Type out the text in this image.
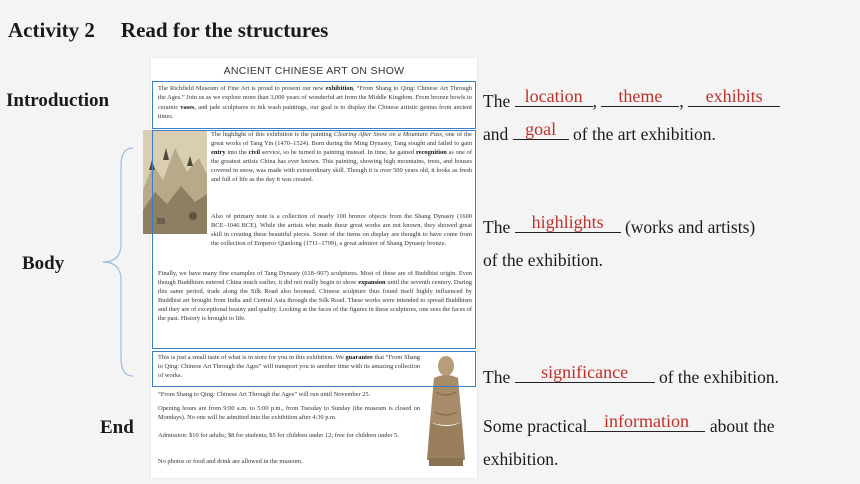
Activity 2 Read for the structures
ANCIENT CHINESE ART ON SHOW
The Richfield Museum of Fine Art is proud to present our new exhibition, “From Shang to Qing: Chinese Art Through the Ages.” Join us as we explore more than 3,000 years of wonderful art from the Middle Kingdom. From bronze bowls to ceramic vases, and jade sculptures to ink wash paintings, our goal is to display the Chinese artistic genius from ancient times.
The highlight of this exhibition is the painting Clearing After Snow on a Mountain Pass, one of the great works of Tang Yin (1470–1524). Born during the Ming Dynasty, Tang sought and failed to gain entry into the civil service, so he turned to painting instead. In time, he gained recognition as one of the greatest artists China has ever known. This painting, showing high mountains, trees, and houses covered in snow, was made with extraordinary skill. Though it is over 500 years old, it looks as fresh and full of life as the day it was created.
Also of primary note is a collection of nearly 100 bronze objects from the Shang Dynasty (1600 BCE–1046 BCE). While the artists who made these great works are not known, they showed great skill in creating these beautiful pieces. Some of the items on display are thought to have come from the collection of Emperor Qianlong (1711–1799), a great admirer of Shang Dynasty bronze.
Finally, we have many fine examples of Tang Dynasty (618–907) sculptures. Most of these are of Buddhist origin. Even though Buddhism entered China much earlier, it did not really begin to show expansion until the seventh century. During this same period, trade along the Silk Road also boomed. Chinese sculpture thus found itself highly influenced by Buddhist art brought from India and Central Asia through the Silk Road. These works were intended to spread Buddhism and they are of exceptional beauty and quality. Looking at the faces of the figures in these sculptures, one sees the faces of the past. History is brought to life.
This is just a small taste of what is in store for you in this exhibition. We guarantee that “From Shang to Qing: Chinese Art Through the Ages” will transport you to another time with its amazing collection of works.
“From Shang to Qing: Chinese Art Through the Ages” will run until November 25.
Opening hours are from 9:00 a.m. to 5:00 p.m., from Tuesday to Sunday (the museum is closed on Mondays). No one will be admitted into the exhibition after 4:30 p.m.
Admission: $10 for adults; $8 for students; $5 for children under 12; free for children under 5.
No photos or food and drink are allowed in the museum.
Introduction
Body
End
The location ,	theme ,	exhibits
and goal of the art exhibition.
The	highlights	(works and artists)
of the exhibition.
The	significance	of the exhibition.
Some practical information	about the
exhibition.
